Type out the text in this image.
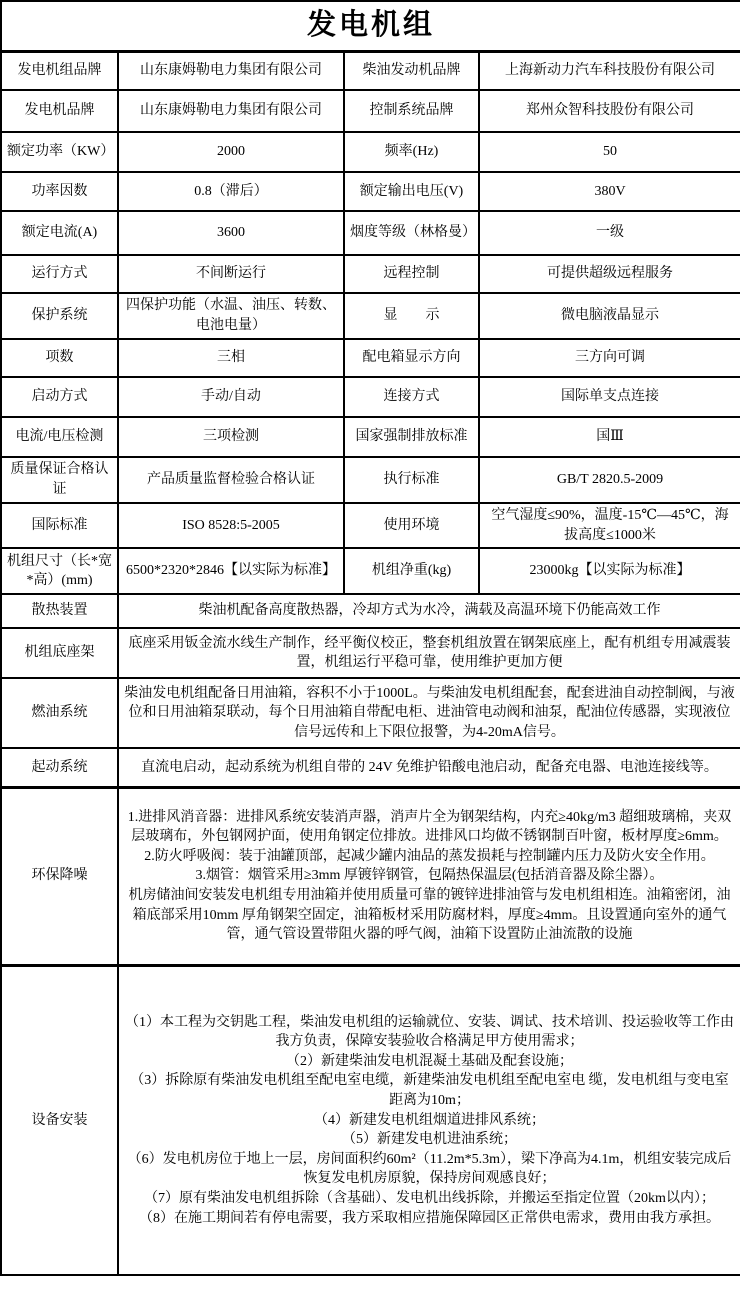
发电机组			
发电机组品牌	山东康姆勒电力集团有限公司	柴油发动机品牌	上海新动力汽车科技股份有限公司
发电机品牌	山东康姆勒电力集团有限公司	控制系统品牌	郑州众智科技股份有限公司
额定功率（KW）	2000	频率(Hz)	50
功率因数	0.8（滞后）	额定输出电压(V)	380V
额定电流(A)	3600	烟度等级（林格曼）	一级
运行方式	不间断运行	远程控制	可提供超级远程服务
保护系统	四保护功能（水温、油压、转数、电池电量）	显　　示	微电脑液晶显示
项数	三相	配电箱显示方向	三方向可调
启动方式	手动/自动	连接方式	国际单支点连接
电流/电压检测	三项检测	国家强制排放标准	国Ⅲ
质量保证合格认证	产品质量监督检验合格认证	执行标准	GB/T 2820.5-2009
国际标准	ISO 8528:5-2005	使用环境	空气湿度≤90%，温度-15℃—45℃，海拔高度≤1000米
机组尺寸（长*宽*高）(mm)	6500*2320*2846【以实际为标准】	机组净重(kg)	23000kg【以实际为标准】
散热装置	柴油机配备高度散热器，冷却方式为水冷，满载及高温环境下仍能高效工作		
机组底座架	底座采用钣金流水线生产制作，经平衡仪校正，整套机组放置在钢架底座上，配有机组专用减震装置，机组运行平稳可靠，使用维护更加方便		
燃油系统	柴油发电机组配备日用油箱，容积不小于1000L。与柴油发电机组配套，配套进油自动控制阀，与液位和日用油箱泵联动，每个日用油箱自带配电柜、进油管电动阀和油泵，配油位传感器，实现液位信号远传和上下限位报警，为4-20mA信号。		
起动系统	直流电启动，起动系统为机组自带的 24V 免维护铅酸电池启动，配备充电器、电池连接线等。		
环保降噪	1.进排风消音器：进排风系统安装消声器，消声片全为钢架结构，内充≥40kg/m3 超细玻璃棉，夹双层玻璃布，外包钢网护面，使用角钢定位排放。进排风口均做不锈钢制百叶窗，板材厚度≥6mm。
2.防火呼吸阀：装于油罐顶部，起减少罐内油品的蒸发损耗与控制罐内压力及防火安全作用。
3.烟管：烟管采用≥3mm 厚镀锌钢管，包隔热保温层(包括消音器及除尘器）。
机房储油间安装发电机组专用油箱并使用质量可靠的镀锌进排油管与发电机组相连。油箱密闭，油箱底部采用10mm 厚角钢架空固定，油箱板材采用防腐材料，厚度≥4mm。且设置通向室外的通气管，通气管设置带阻火器的呼气阀，油箱下设置防止油流散的设施		
设备安装	（1）本工程为交钥匙工程，柴油发电机组的运输就位、安装、调试、技术培训、投运验收等工作由我方负责，保障安装验收合格满足甲方使用需求；
（2）新建柴油发电机混凝土基础及配套设施；
（3）拆除原有柴油发电机组至配电室电缆，新建柴油发电机组至配电室电 缆，发电机组与变电室距离为10m；
（4）新建发电机组烟道进排风系统；
（5）新建发电机进油系统；
（6）发电机房位于地上一层，房间面积约60m²（11.2m*5.3m），梁下净高为4.1m，机组安装完成后恢复发电机房原貌，保持房间观感良好；
（7）原有柴油发电机组拆除（含基础）、发电机出线拆除，并搬运至指定位置（20km以内）；
（8）在施工期间若有停电需要，我方采取相应措施保障园区正常供电需求，费用由我方承担。
